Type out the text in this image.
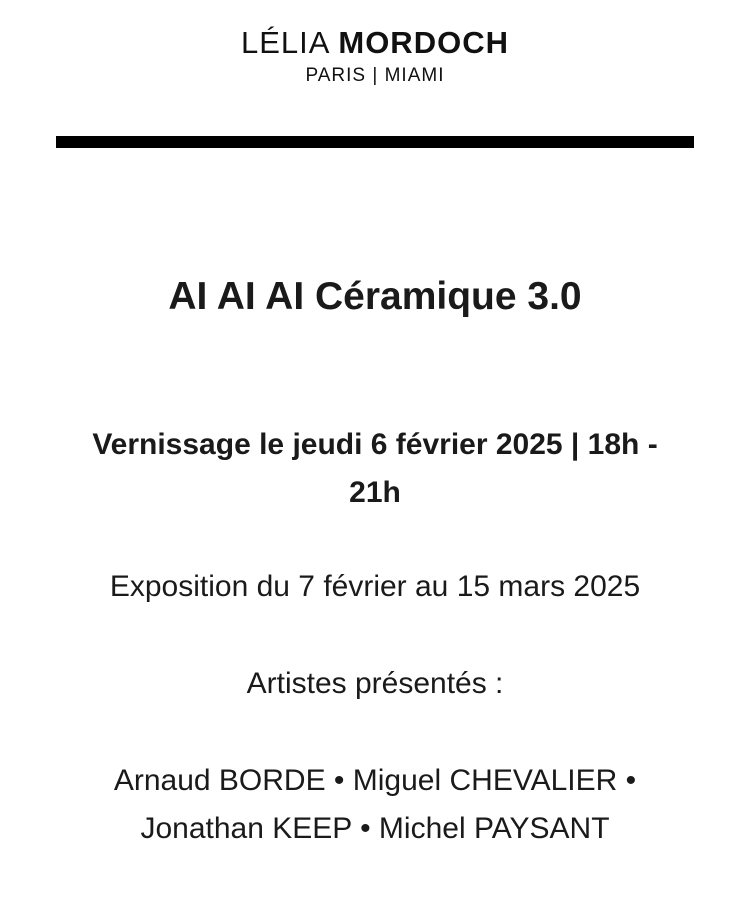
LÉLIA MORDOCH
PARIS | MIAMI
AI AI AI Céramique 3.0
Vernissage le jeudi 6 février 2025 | 18h -
21h
Exposition du 7 février au 15 mars 2025
Artistes présentés :
Arnaud BORDE • Miguel CHEVALIER •
Jonathan KEEP • Michel PAYSANT
